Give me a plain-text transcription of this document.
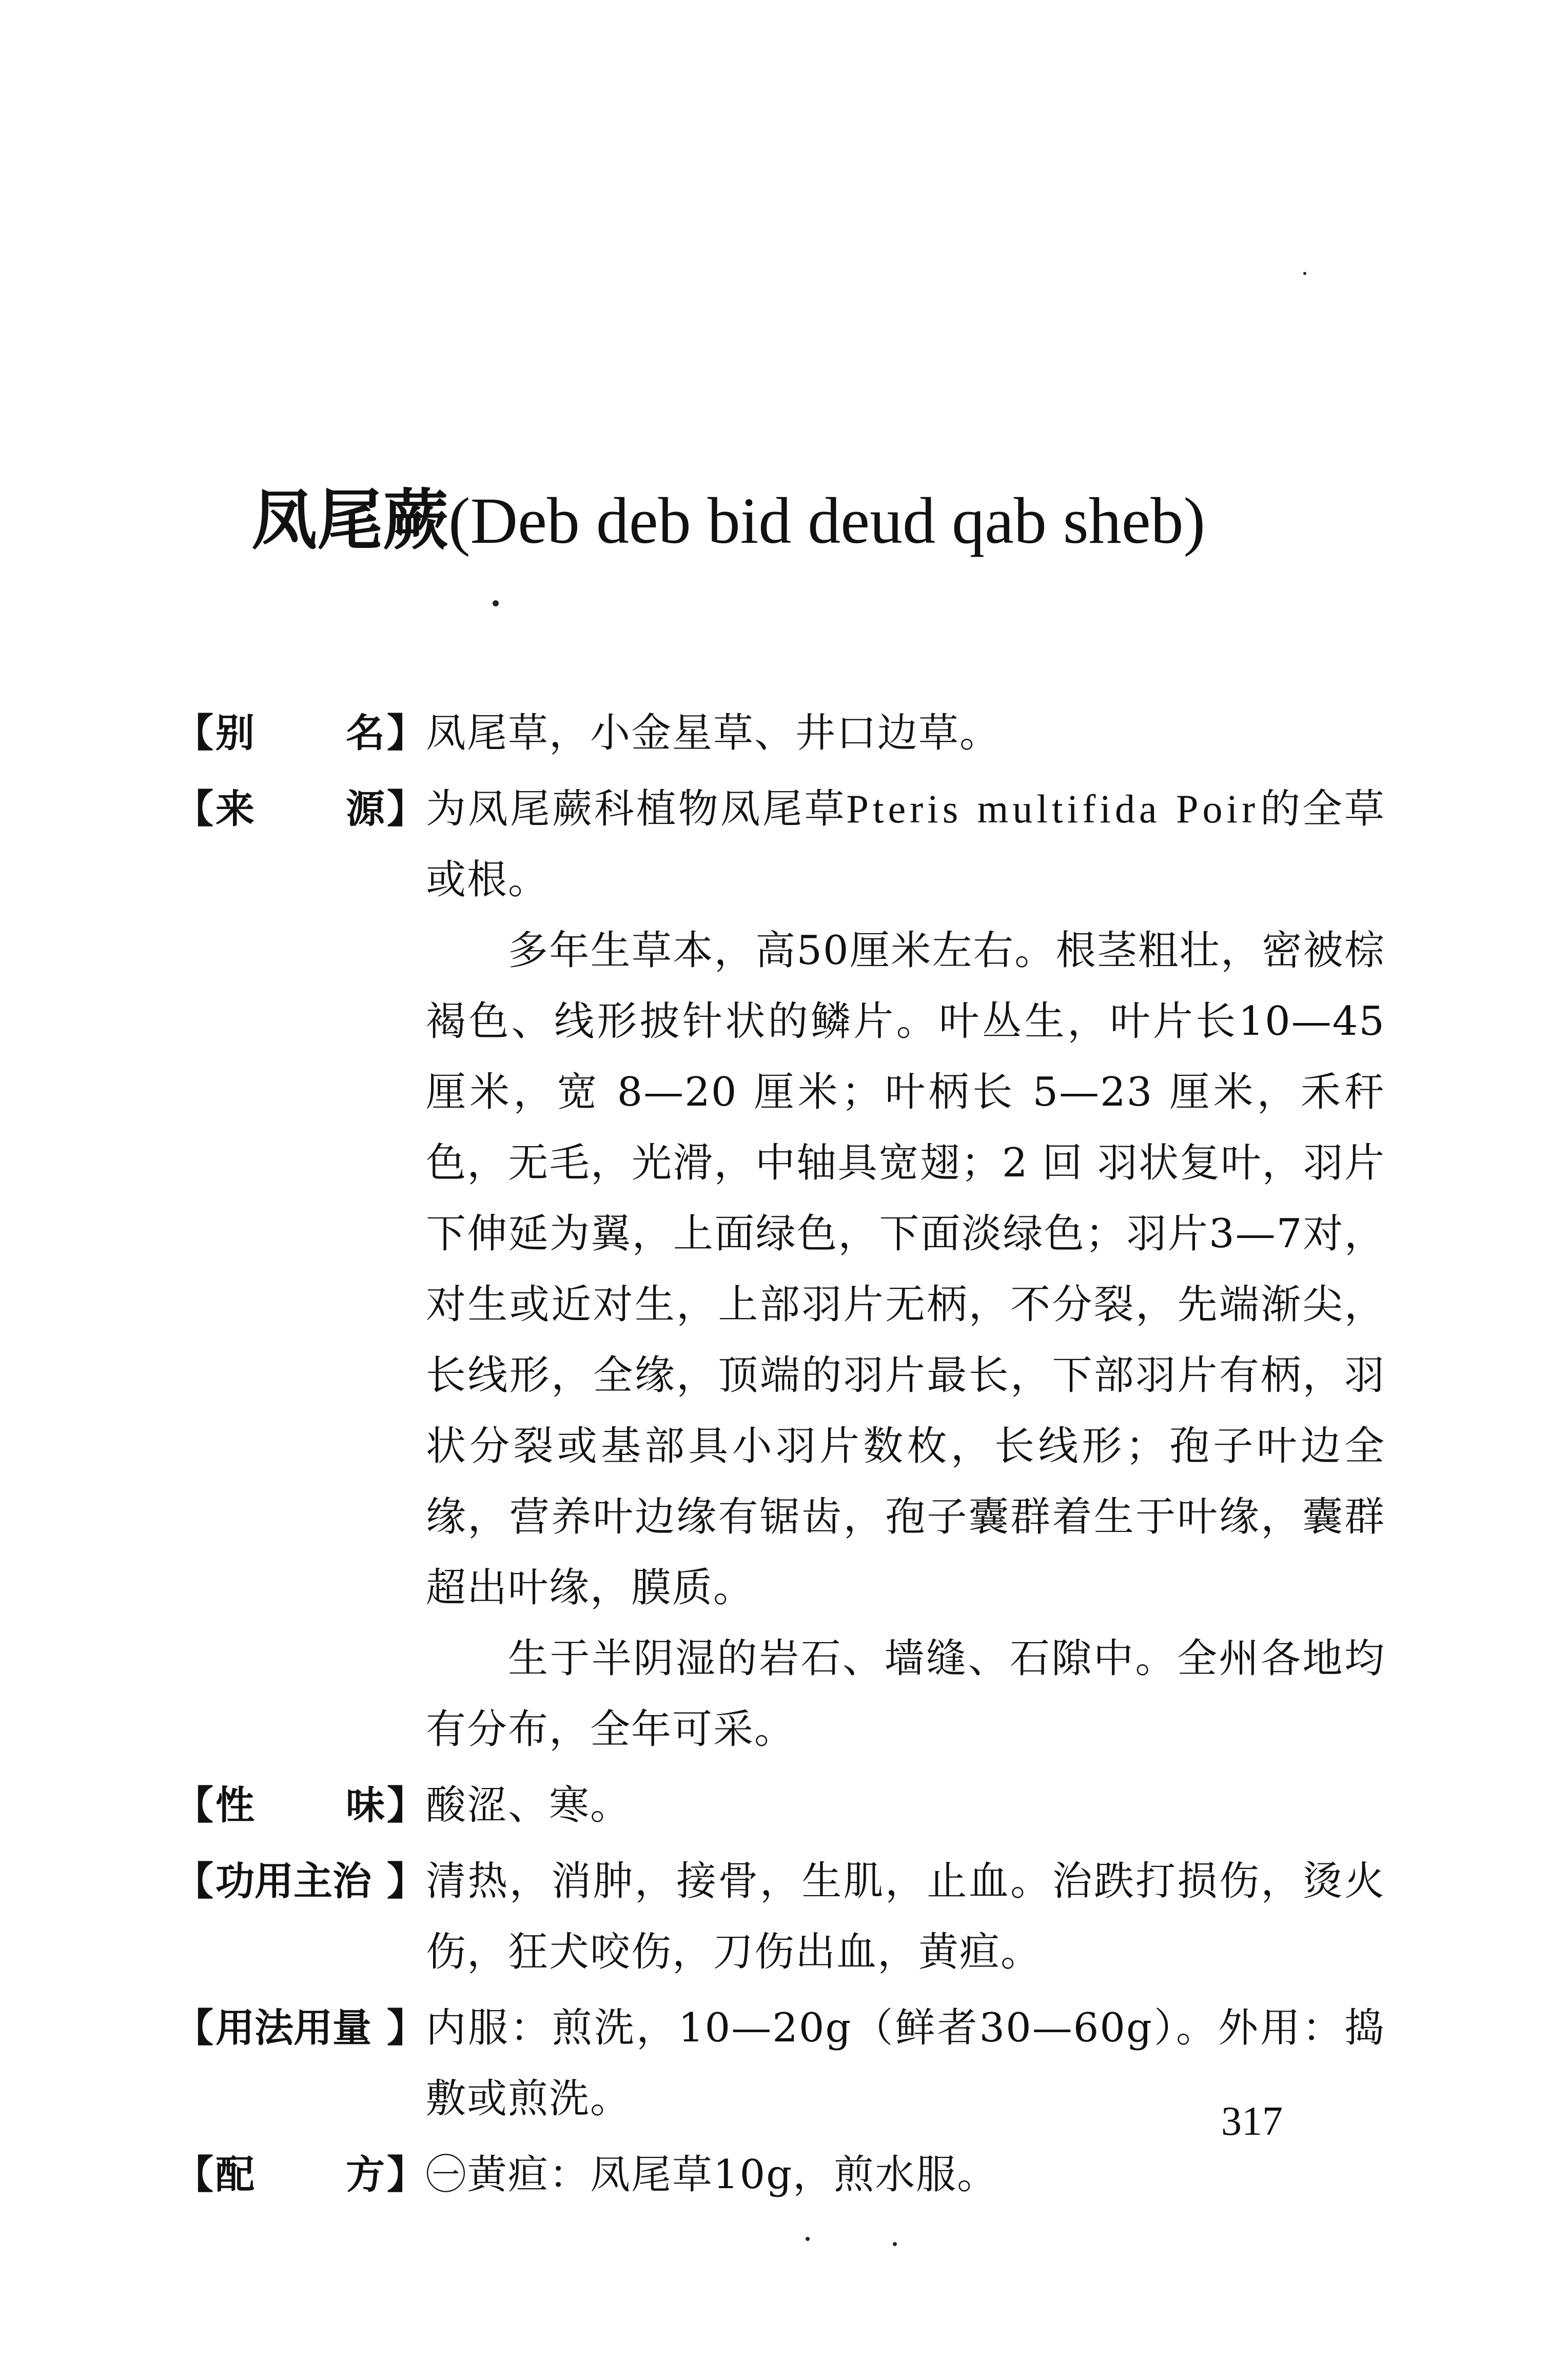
凤尾蕨(Deb deb bid deud qab sheb)
【 别 名 】 凤尾草，小金星草、井口边草。

【 来 源 】 为凤尾蕨科植物凤尾草Pteris multifida Poir的全草或根。

多年生草本，高50厘米左右。根茎粗壮，密被棕褐色、线形披针状的鳞片。叶丛生，叶片长10—45厘米，宽 8—20 厘米；叶柄长 5—23 厘米，禾秆色，无毛，光滑，中轴具宽翅；2 回 羽状复叶，羽片下伸延为翼，上面绿色，下面淡绿色；羽片3—7对，对生或近对生，上部羽片无柄，不分裂，先端渐尖，长线形，全缘，顶端的羽片最长，下部羽片有柄，羽状分裂或基部具小羽片数枚，长线形；孢子叶边全缘，营养叶边缘有锯齿，孢子囊群着生于叶缘，囊群超出叶缘，膜质。

生于半阴湿的岩石、墙缝、石隙中。全州各地均有分布，全年可采。

【 性 味 】 酸涩、寒。

【 功用主治 】 清热，消肿，接骨，生肌，止血。治跌打损伤，烫火伤，狂犬咬伤，刀伤出血，黄疸。

【 用法用量 】 内服：煎洗，10—20g（鲜者30—60g）。外用：捣敷或煎洗。

【 配 方 】 ㊀黄疸：凤尾草10g，煎水服。

317
